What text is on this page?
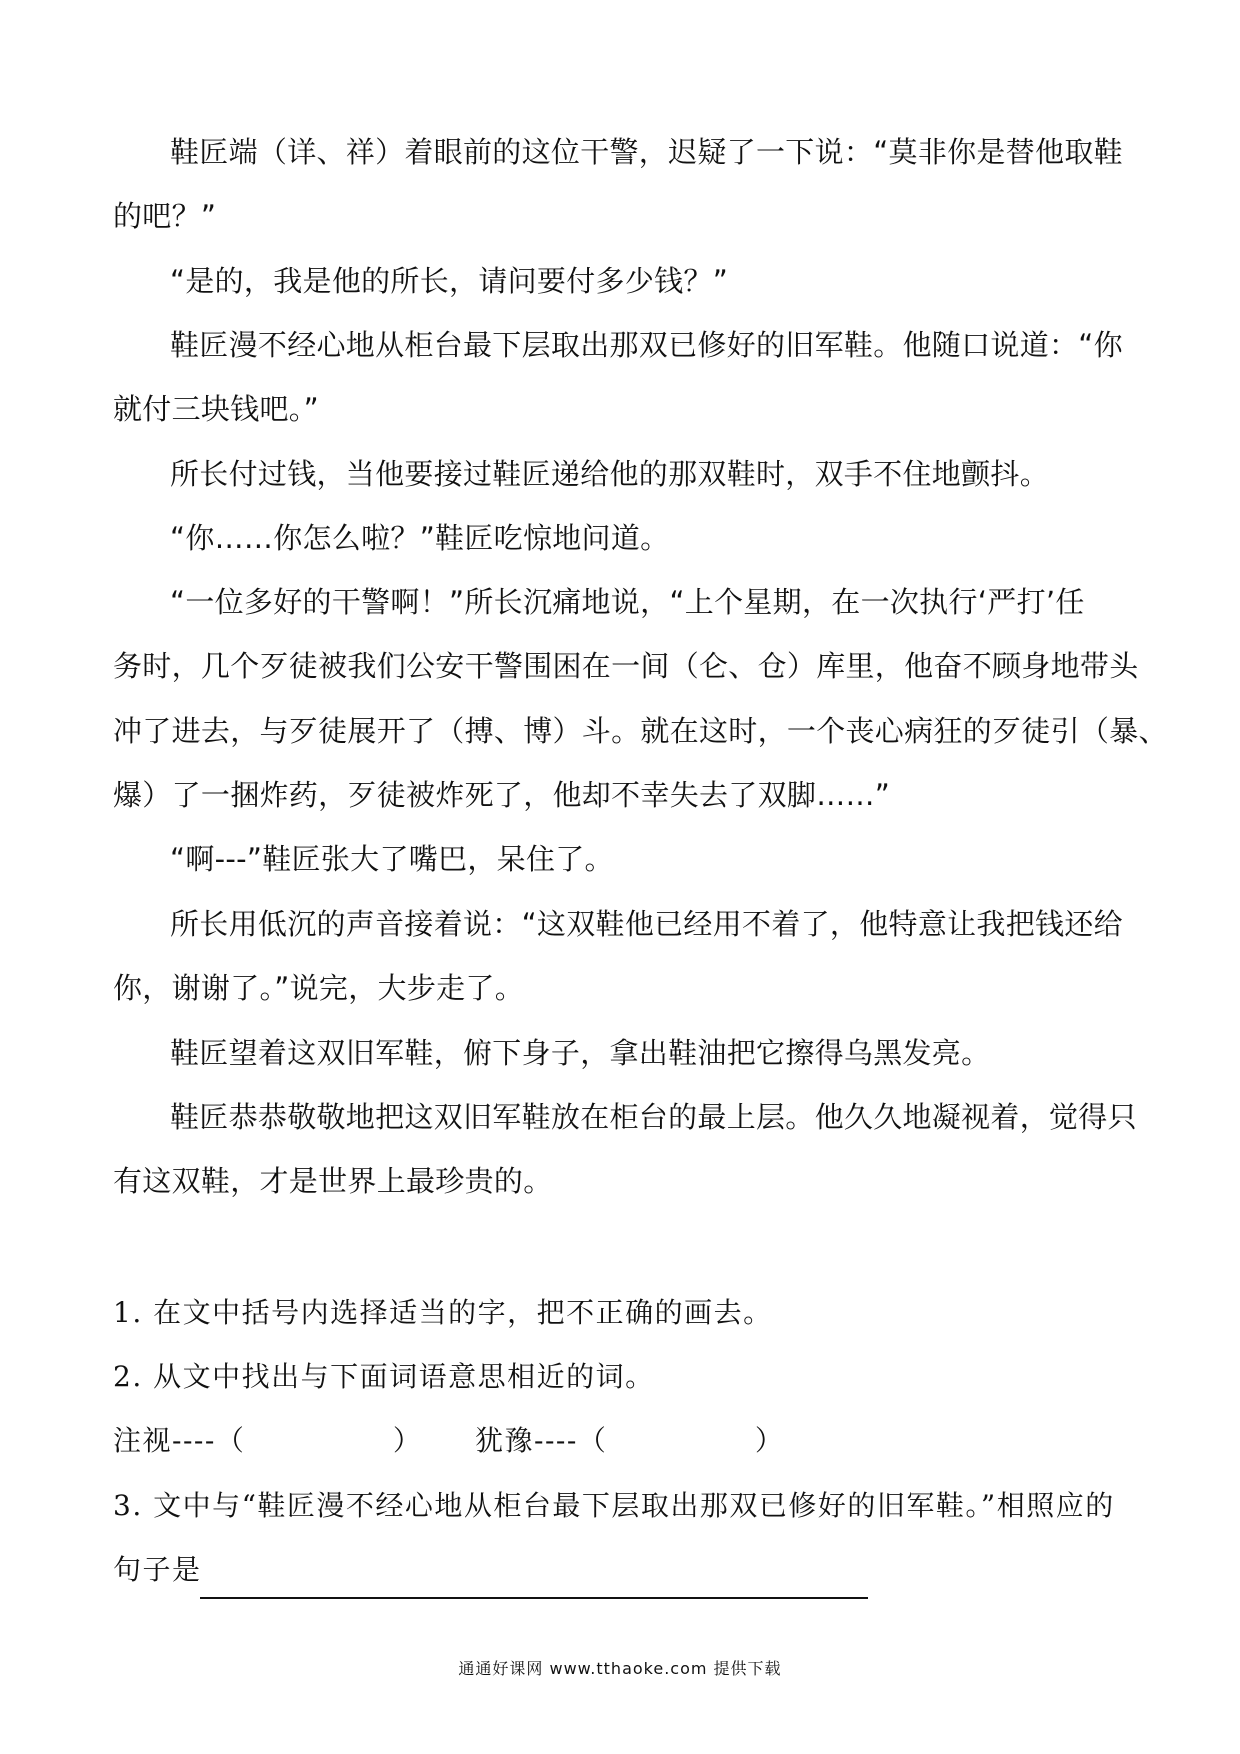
鞋匠端（详、祥）着眼前的这位干警，迟疑了一下说：“莫非你是替他取鞋
的吧？”
“是的，我是他的所长，请问要付多少钱？”
鞋匠漫不经心地从柜台最下层取出那双已修好的旧军鞋。他随口说道：“你
就付三块钱吧。”
所长付过钱，当他要接过鞋匠递给他的那双鞋时，双手不住地颤抖。
“你……你怎么啦？”鞋匠吃惊地问道。
“一位多好的干警啊！”所长沉痛地说，“上个星期，在一次执行‘严打’任
务时，几个歹徒被我们公安干警围困在一间（仑、仓）库里，他奋不顾身地带头
冲了进去，与歹徒展开了（搏、博）斗。就在这时，一个丧心病狂的歹徒引（暴、
爆）了一捆炸药，歹徒被炸死了，他却不幸失去了双脚……”
“啊---”鞋匠张大了嘴巴，呆住了。
所长用低沉的声音接着说：“这双鞋他已经用不着了，他特意让我把钱还给
你，谢谢了。”说完，大步走了。
鞋匠望着这双旧军鞋，俯下身子，拿出鞋油把它擦得乌黑发亮。
鞋匠恭恭敬敬地把这双旧军鞋放在柜台的最上层。他久久地凝视着，觉得只
有这双鞋，才是世界上最珍贵的。
1. 在文中括号内选择适当的字，把不正确的画去。
2. 从文中找出与下面词语意思相近的词。
注视----（　　　　　） 犹豫----（　　　　　）
3. 文中与“鞋匠漫不经心地从柜台最下层取出那双已修好的旧军鞋。”相照应的
句子是
通通好课网 www.tthaoke.com 提供下载
